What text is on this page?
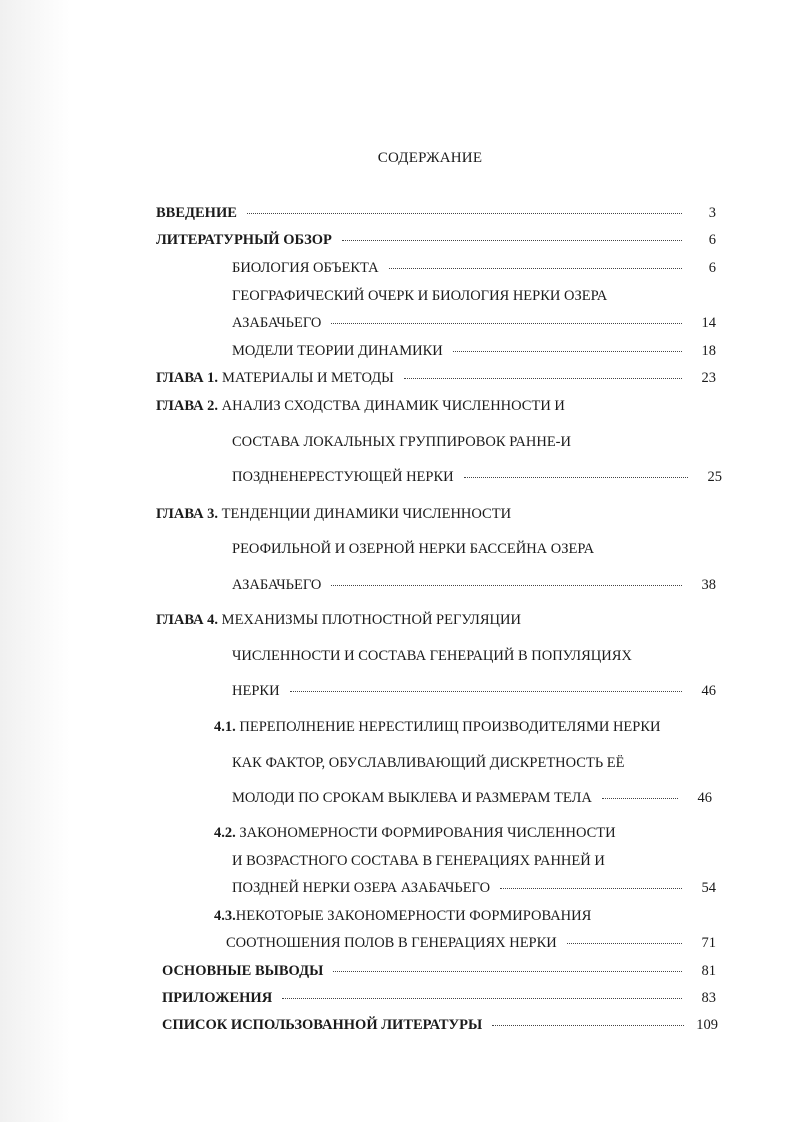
СОДЕРЖАНИЕ
ВВЕДЕНИЕ	3
ЛИТЕРАТУРНЫЙ ОБЗОР	6
БИОЛОГИЯ ОБЪЕКТА	6
ГЕОГРАФИЧЕСКИЙ ОЧЕРК И БИОЛОГИЯ НЕРКИ ОЗЕРА
АЗАБАЧЬЕГО	14
МОДЕЛИ ТЕОРИИ ДИНАМИКИ	18
ГЛАВА 1. МАТЕРИАЛЫ И МЕТОДЫ	23
ГЛАВА 2. АНАЛИЗ СХОДСТВА ДИНАМИК ЧИСЛЕННОСТИ И
СОСТАВА ЛОКАЛЬНЫХ ГРУППИРОВОК РАННЕ-И
ПОЗДНЕНЕРЕСТУЮЩЕЙ НЕРКИ	25
ГЛАВА 3. ТЕНДЕНЦИИ ДИНАМИКИ ЧИСЛЕННОСТИ
РЕОФИЛЬНОЙ И ОЗЕРНОЙ НЕРКИ БАССЕЙНА ОЗЕРА
АЗАБАЧЬЕГО	38
ГЛАВА 4. МЕХАНИЗМЫ ПЛОТНОСТНОЙ РЕГУЛЯЦИИ
ЧИСЛЕННОСТИ И СОСТАВА ГЕНЕРАЦИЙ В ПОПУЛЯЦИЯХ
НЕРКИ	46
4.1. ПЕРЕПОЛНЕНИЕ НЕРЕСТИЛИЩ ПРОИЗВОДИТЕЛЯМИ НЕРКИ
КАК ФАКТОР, ОБУСЛАВЛИВАЮЩИЙ ДИСКРЕТНОСТЬ ЕЁ
МОЛОДИ ПО СРОКАМ ВЫКЛЕВА И РАЗМЕРАМ ТЕЛА	46
4.2. ЗАКОНОМЕРНОСТИ ФОРМИРОВАНИЯ ЧИСЛЕННОСТИ
И ВОЗРАСТНОГО СОСТАВА В ГЕНЕРАЦИЯХ РАННЕЙ И
ПОЗДНЕЙ НЕРКИ ОЗЕРА АЗАБАЧЬЕГО	54
4.3.НЕКОТОРЫЕ ЗАКОНОМЕРНОСТИ ФОРМИРОВАНИЯ
СООТНОШЕНИЯ ПОЛОВ В ГЕНЕРАЦИЯХ НЕРКИ	71
ОСНОВНЫЕ ВЫВОДЫ	81
ПРИЛОЖЕНИЯ	83
СПИСОК ИСПОЛЬЗОВАННОЙ ЛИТЕРАТУРЫ	109
